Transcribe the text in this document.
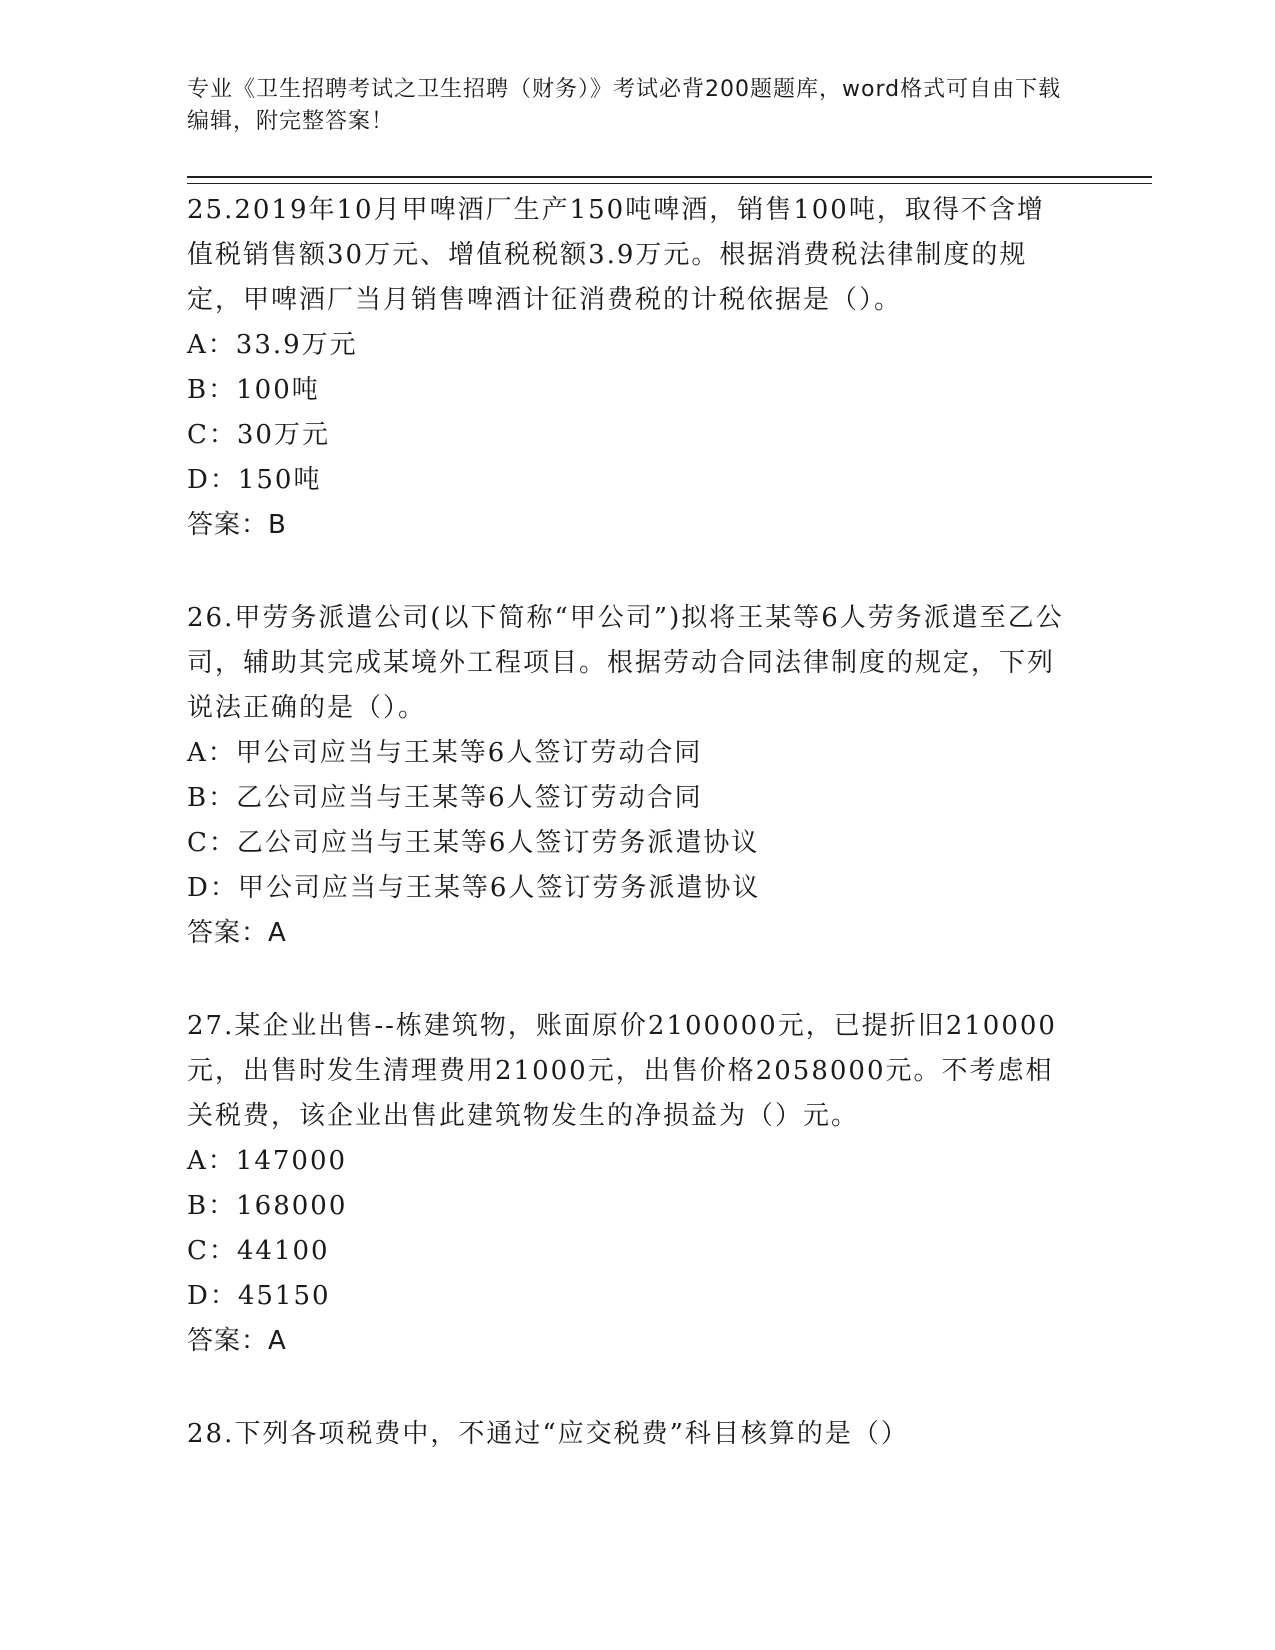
专业《卫生招聘考试之卫生招聘（财务）》考试必背200题题库，word格式可自由下载编辑，附完整答案！

25.2019年10月甲啤酒厂生产150吨啤酒，销售100吨，取得不含增值税销售额30万元、增值税税额3.9万元。根据消费税法律制度的规定，甲啤酒厂当月销售啤酒计征消费税的计税依据是（）。

A：33.9万元

B：100吨

C：30万元

D：150吨

答案：B

26.甲劳务派遣公司(以下简称“甲公司”)拟将王某等6人劳务派遣至乙公司，辅助其完成某境外工程项目。根据劳动合同法律制度的规定，下列说法正确的是（）。

A：甲公司应当与王某等6人签订劳动合同

B：乙公司应当与王某等6人签订劳动合同

C：乙公司应当与王某等6人签订劳务派遣协议

D：甲公司应当与王某等6人签订劳务派遣协议

答案：A

27.某企业出售--栋建筑物，账面原价2100000元，已提折旧210000元，出售时发生清理费用21000元，出售价格2058000元。不考虑相关税费，该企业出售此建筑物发生的净损益为（）元。

A：147000

B：168000

C：44100

D：45150

答案：A

28.下列各项税费中，不通过“应交税费”科目核算的是（）
